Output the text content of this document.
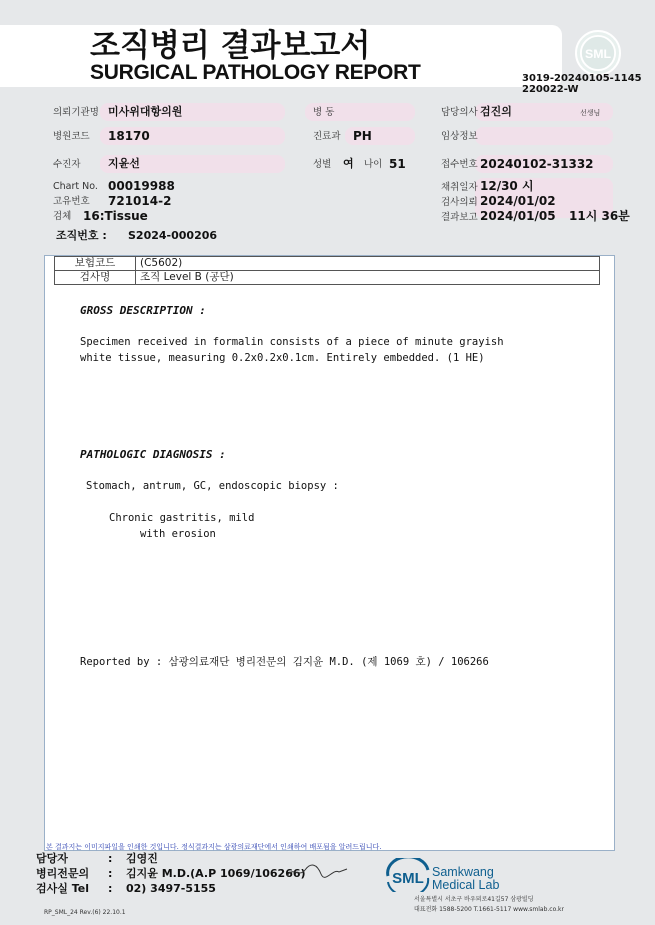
조직병리 결과보고서
SURGICAL PATHOLOGY REPORT
SML
3019-20240105-1145
220022-W
의뢰기관명 미사위대항의원
병원코드 18170
수진자 지윤선
Chart No. 00019988
고유번호 721014-2
검체 16:Tissue
조직번호 : S2024-000206
병 동
진료과 PH
성별 여 나이 51
담당의사 검진의	선생님
임상정보
접수번호 20240102-31332
채취일자 12/30 시
검사의뢰 2024/01/02
결과보고 2024/01/05 11시 36분
보험코드	(C5602)
검사명	조직 Level B (공단)
GROSS DESCRIPTION :
Specimen received in formalin consists of a piece of minute grayish
white tissue, measuring 0.2x0.2x0.1cm. Entirely embedded. (1 HE)
PATHOLOGIC DIAGNOSIS :
Stomach, antrum, GC, endoscopic biopsy :
Chronic gastritis, mild
with erosion
Reported by : 삼광의료재단 병리전문의 김지윤 M.D. (제 1069 호) / 106266
본 결과지는 이미지파일을 인쇄한 것입니다. 정식결과지는 삼광의료재단에서 인쇄하여 배포됨을 알려드립니다.
담당자	: 김영진
병리전문의 : 김지윤 M.D.(A.P 1069/106266)
검사실 Tel : 02) 3497-5155
RP_SML_24 Rev.(6) 22.10.1
SML Samkwang
Medical Lab
서울특별시 서초구 바우뫼로41길57 삼광빌딩
대표전화 1588-5200 T.1661-5117 www.smlab.co.kr
